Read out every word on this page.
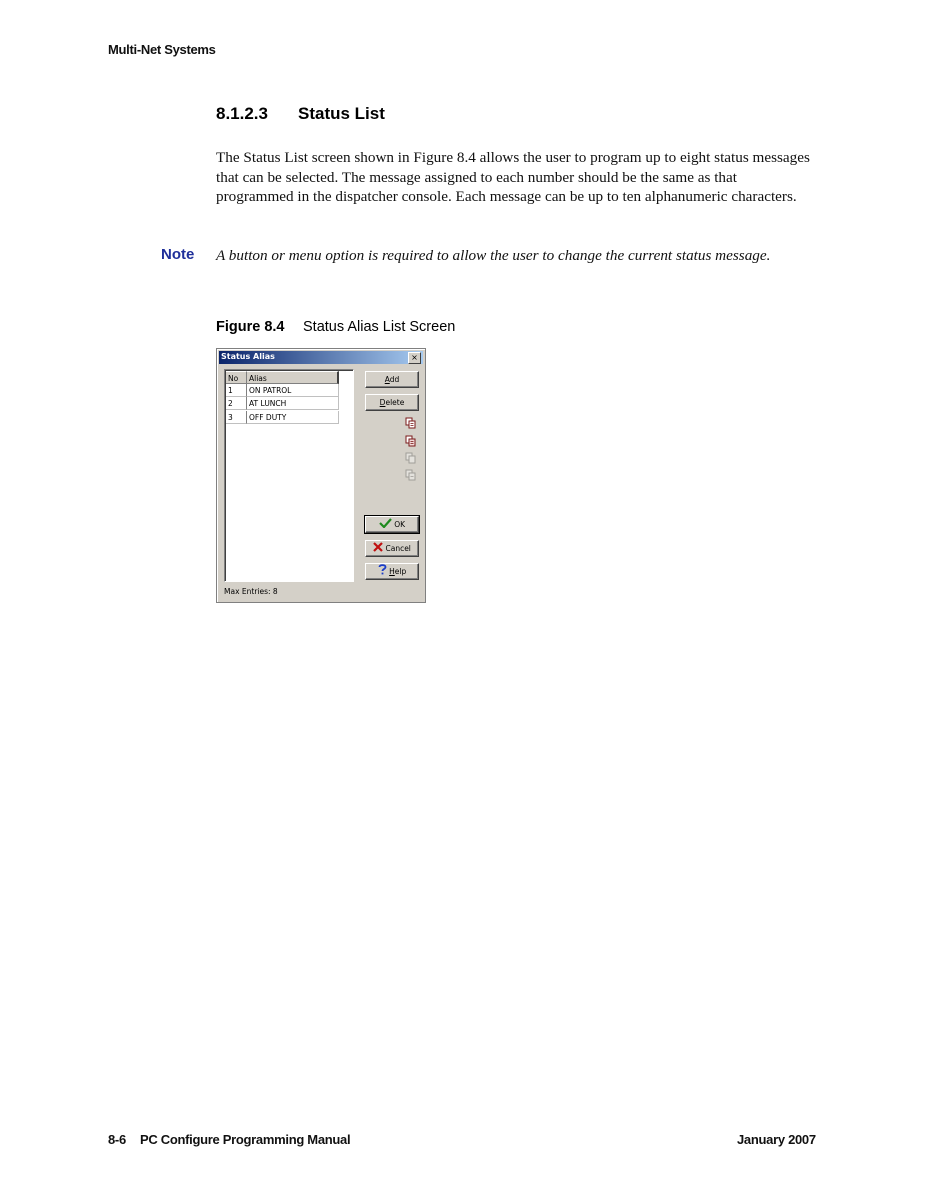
Multi-Net Systems
8.1.2.3 Status List

The Status List screen shown in Figure 8.4 allows the user to program up to eight status messages that can be selected. The message assigned to each number should be the same as that programmed in the dispatcher console. Each message can be up to ten alphanumeric characters.

Note A button or menu option is required to allow the user to change the current status message.

Figure 8.4 Status Alias List Screen
Status Alias	×
No	Alias
1	ON PATROL
2	AT LUNCH
3	OFF DUTY
Add
Delete
OK
Cancel
Help
Max Entries: 8
8-6 PC Configure Programming Manual	January 2007
